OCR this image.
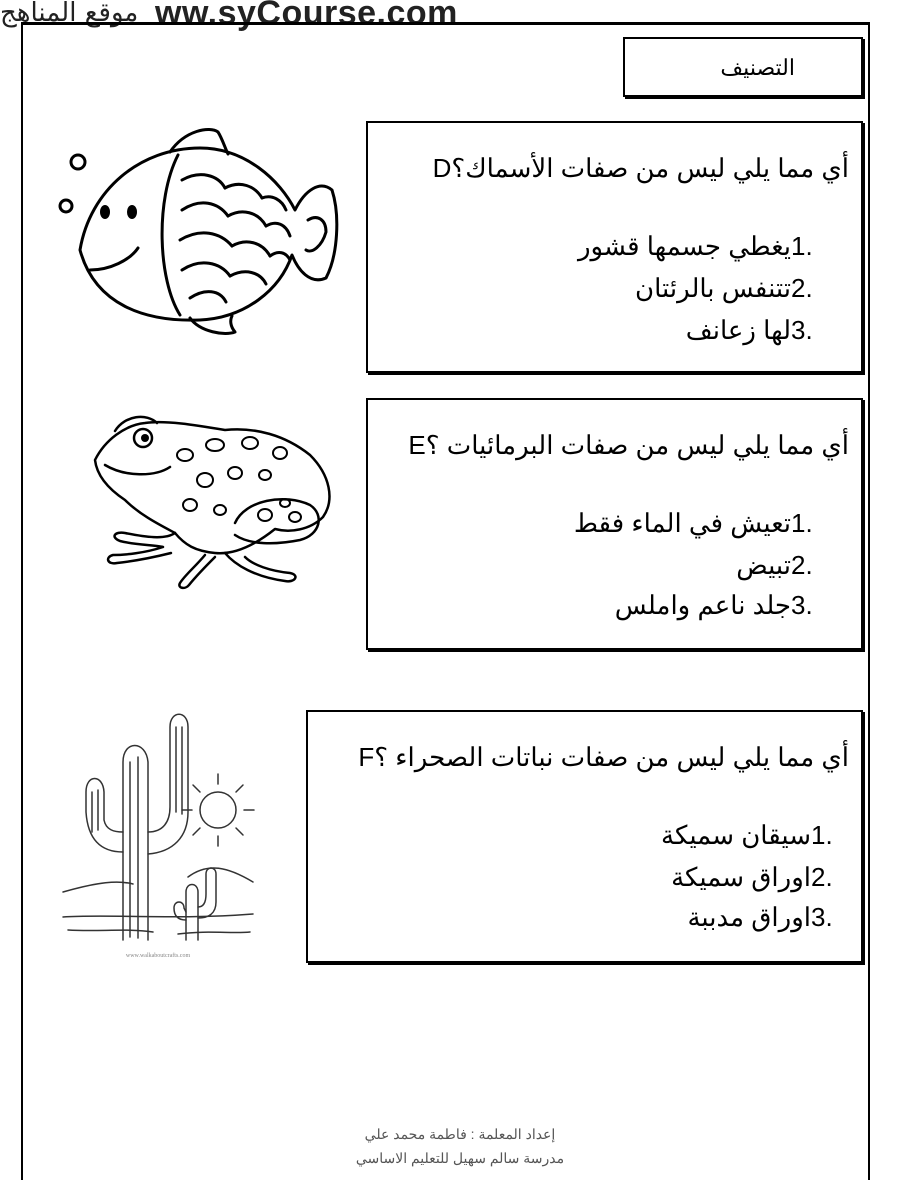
موقع المناهج ww.syCourse.com
التصنيف
Dأي مما يلي ليس من صفات الأسماك؟
يغطي جسمها قشور 1.
تتنفس بالرئتان 2.
لها زعانف 3.
Eأي مما يلي ليس من صفات البرمائيات ؟
تعيش في الماء فقط 1.
تبيض 2.
جلد ناعم واملس 3.
Fأي مما يلي ليس من صفات نباتات الصحراء ؟
سيقان سميكة 1.
اوراق سميكة 2.
اوراق مدببة 3.
www.walkaboutcrafts.com
إعداد المعلمة : فاطمة محمد علي
مدرسة سالم سهيل للتعليم الاساسي
